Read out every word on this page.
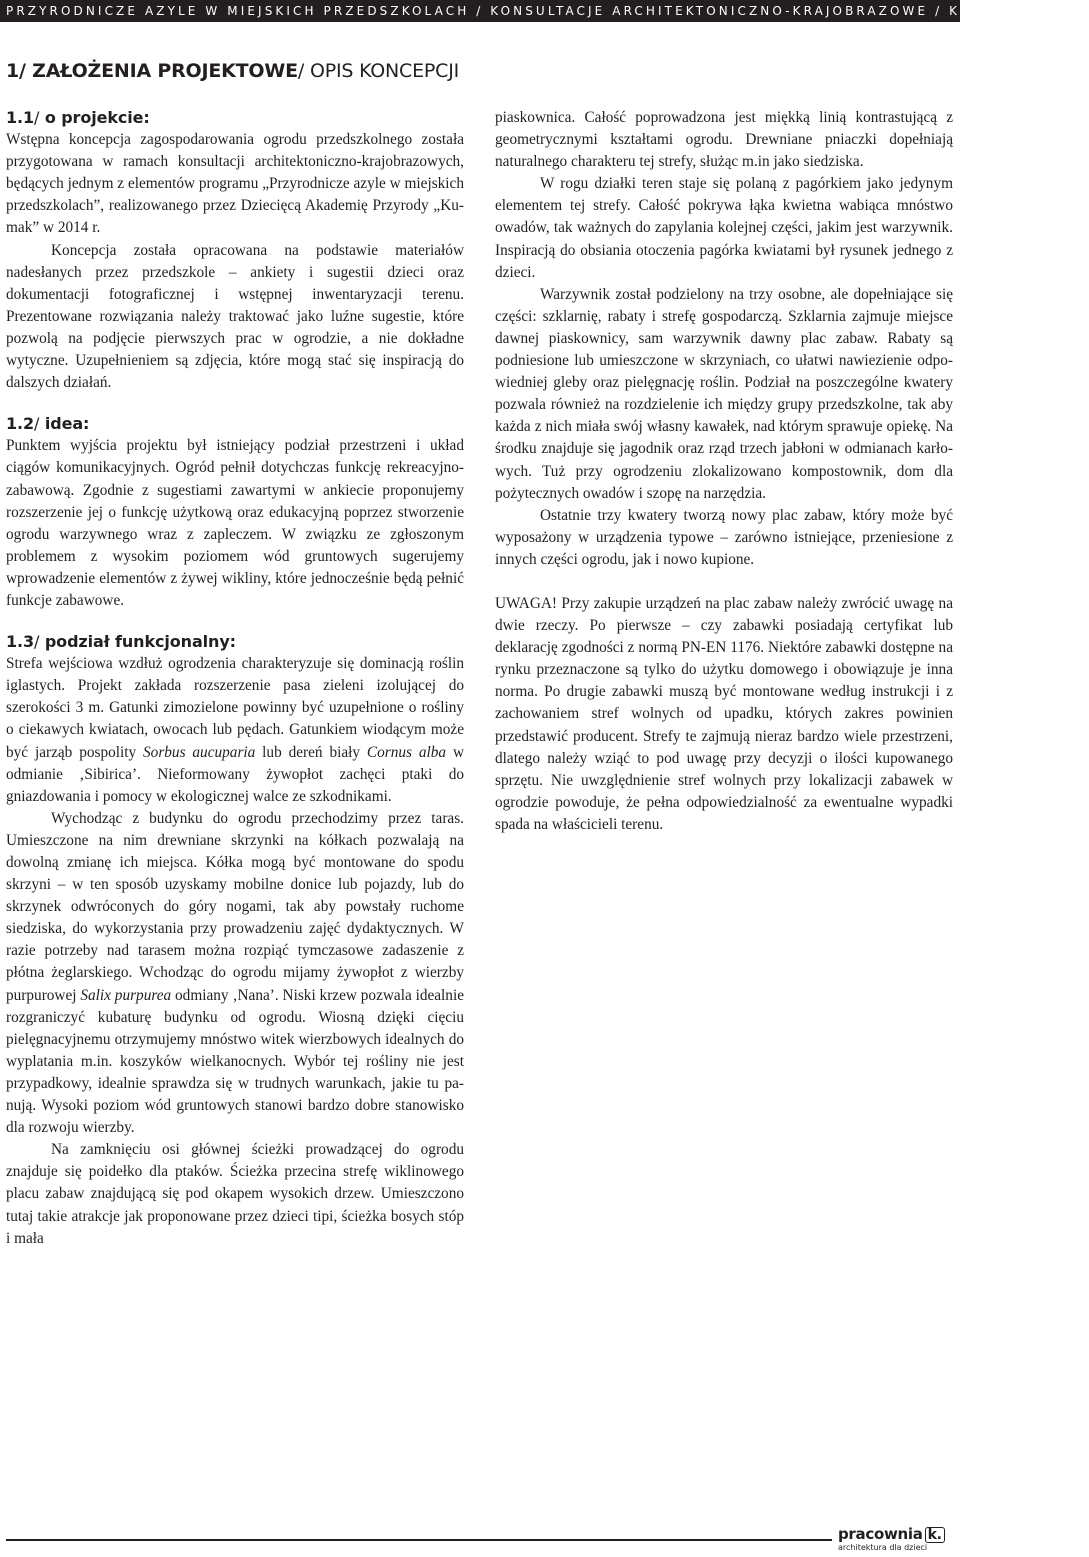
PRZYRODNICZE AZYLE W MIEJSKICH PRZEDSZKOLACH / KONSULTACJE ARCHITEKTONICZNO-KRAJOBRAZOWE / K01 / STRONA 1
1/ ZAŁOŻENIA PROJEKTOWE/ OPIS KONCEPCJI
1.1/ o projekcie:

Wstępna koncepcja zagospodarowania ogrodu przedszkolnego została przygotowana w ramach konsultacji architektoniczno-krajobrazowych, będących jednym z elementów programu „Przyrodnicze azyle w miejskich przedszkolach”, realizowanego przez Dziecięcą Akademię Przyrody „Kumak” w 2014 r.

Koncepcja została opracowana na podstawie materiałów nadesłanych przez przedszkole – ankiety i sugestii dzieci oraz dokumentacji fotograficznej i wstępnej inwentaryzacji terenu. Prezentowane rozwiązania należy traktować jako luźne sugestie, które pozwolą na podjęcie pierwszych prac w ogrodzie, a nie dokładne wytyczne. Uzupełnieniem są zdjęcia, które mogą stać się inspiracją do dalszych działań.

1.2/ idea:

Punktem wyjścia projektu był istniejący podział przestrzeni i układ ciągów komunikacyjnych. Ogród pełnił dotychczas funkcję rekreacyjno-zabawową. Zgodnie z sugestiami zawartymi w ankiecie proponujemy rozszerzenie jej o funkcję użytkową oraz edukacyjną poprzez stworzenie ogrodu warzywnego wraz z zapleczem. W związku ze zgłoszonym problemem z wysokim poziomem wód gruntowych sugerujemy wprowadzenie elementów z żywej wikliny, które jednocześnie będą pełnić funkcje zabawowe.

1.3/ podział funkcjonalny:

Strefa wejściowa wzdłuż ogrodzenia charakteryzuje się dominacją roślin iglastych. Projekt zakłada rozszerzenie pasa zieleni izolującej do szerokości 3 m. Gatunki zimozielone powinny być uzupełnione o rośliny o ciekawych kwiatach, owocach lub pędach. Gatunkiem wiodącym może być jarząb pospolity Sorbus aucuparia lub dereń biały Cornus alba w odmianie ‚Sibirica’. Nieformowany żywopłot zachęci ptaki do gniazdowania i pomocy w ekologicznej walce ze szkodnikami.

Wychodząc z budynku do ogrodu przechodzimy przez taras. Umieszczone na nim drewniane skrzynki na kółkach pozwalają na dowolną zmianę ich miejsca. Kółka mogą być montowane do spodu skrzyni – w ten sposób uzyskamy mobilne donice lub pojazdy, lub do skrzynek odwróconych do góry nogami, tak aby powstały ruchome siedziska, do wykorzystania przy prowadzeniu zajęć dydaktycznych. W razie potrzeby nad tarasem można rozpiąć tymczasowe zadaszenie z płótna żeglarskiego. Wchodząc do ogrodu mijamy żywopłot z wierzby purpurowej Salix purpurea odmiany ‚Nana’. Niski krzew pozwala idealnie rozgraniczyć kubaturę budynku od ogrodu. Wiosną dzięki cięciu pielęgnacyjnemu otrzymujemy mnóstwo witek wierzbowych idealnych do wyplatania m.in. koszyków wielkanocnych. Wybór tej rośliny nie jest przypadkowy, idealnie sprawdza się w trudnych warunkach, jakie tu panują. Wysoki poziom wód gruntowych stanowi bardzo dobre stanowisko dla rozwoju wierzby.

Na zamknięciu osi głównej ścieżki prowadzącej do ogrodu znajduje się poidełko dla ptaków. Ścieżka przecina strefę wiklinowego placu zabaw znajdującą się pod okapem wysokich drzew. Umieszczono tutaj takie atrakcje jak proponowane przez dzieci tipi, ścieżka bosych stóp i mała

piaskownica. Całość poprowadzona jest miękką linią kontrastującą z geometrycznymi kształtami ogrodu. Drewniane pniaczki dopełniają naturalnego charakteru tej strefy, służąc m.in jako siedziska.

W rogu działki teren staje się polaną z pagórkiem jako jedynym elementem tej strefy. Całość pokrywa łąka kwietna wabiąca mnóstwo owadów, tak ważnych do zapylania kolejnej części, jakim jest warzywnik. Inspiracją do obsiania otoczenia pagórka kwiatami był rysunek jednego z dzieci.

Warzywnik został podzielony na trzy osobne, ale dopełniające się części: szklarnię, rabaty i strefę gospodarczą. Szklarnia zajmuje miejsce dawnej piaskownicy, sam warzywnik dawny plac zabaw. Rabaty są podniesione lub umieszczone w skrzyniach, co ułatwi nawiezienie odpowiedniej gleby oraz pielęgnację roślin. Podział na poszczególne kwatery pozwala również na rozdzielenie ich między grupy przedszkolne, tak aby każda z nich miała swój własny kawałek, nad którym sprawuje opiekę. Na środku znajduje się jagodnik oraz rząd trzech jabłoni w odmianach karłowych. Tuż przy ogrodzeniu zlokalizowano kompostownik, dom dla pożytecznych owadów i szopę na narzędzia.

Ostatnie trzy kwatery tworzą nowy plac zabaw, który może być wyposażony w urządzenia typowe – zarówno istniejące, przeniesione z innych części ogrodu, jak i nowo kupione.

UWAGA! Przy zakupie urządzeń na plac zabaw należy zwrócić uwagę na dwie rzeczy. Po pierwsze – czy zabawki posiadają certyfikat lub deklarację zgodności z normą PN-EN 1176. Niektóre zabawki dostępne na rynku przeznaczone są tylko do użytku domowego i obowiązuje je inna norma. Po drugie zabawki muszą być montowane według instrukcji i z zachowaniem stref wolnych od upadku, których zakres powinien przedstawić producent. Strefy te zajmują nieraz bardzo wiele przestrzeni, dlatego należy wziąć to pod uwagę przy decyzji o ilości kupowanego sprzętu. Nie uwzględnienie stref wolnych przy lokalizacji zabawek w ogrodzie powoduje, że pełna odpowiedzialność za ewentualne wypadki spada na właścicieli terenu.

pracownia k.
architektura dla dzieci
